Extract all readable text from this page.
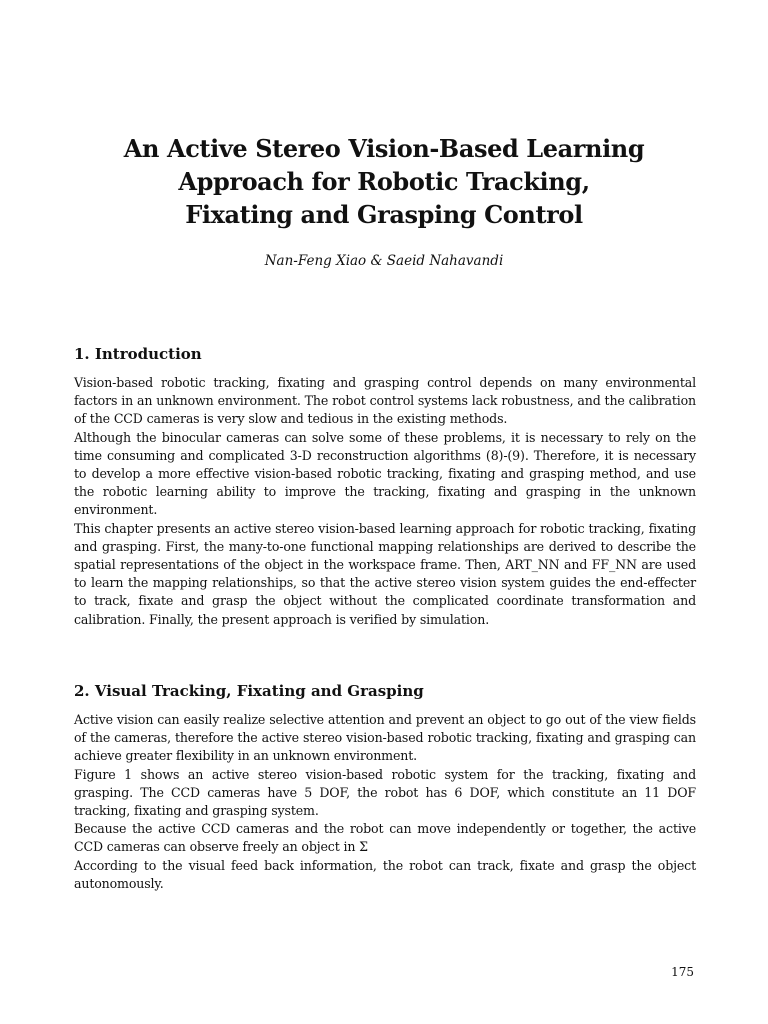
An Active Stereo Vision-Based Learning
Approach for Robotic Tracking,
Fixating and Grasping Control
Nan-Feng Xiao & Saeid Nahavandi
1. Introduction

Vision-based robotic tracking, fixating and grasping control depends on many environmental factors in an unknown environment. The robot control systems lack robustness, and the calibration of the CCD cameras is very slow and tedious in the existing methods.

Although the binocular cameras can solve some of these problems, it is necessary to rely on the time consuming and complicated 3-D reconstruction algorithms (8)-(9). Therefore, it is necessary to develop a more effective vision-based robotic tracking, fixating and grasping method, and use the robotic learning ability to improve the tracking, fixating and grasping in the unknown environment.

This chapter presents an active stereo vision-based learning approach for robotic tracking, fixating and grasping. First, the many-to-one functional mapping relationships are derived to describe the spatial representations of the object in the workspace frame. Then, ART_NN and FF_NN are used to learn the mapping relationships, so that the active stereo vision system guides the end-effecter to track, fixate and grasp the object without the complicated coordinate transformation and calibration. Finally, the present approach is verified by simulation.

2. Visual Tracking, Fixating and Grasping

Active vision can easily realize selective attention and prevent an object to go out of the view fields of the cameras, therefore the active stereo vision-based robotic tracking, fixating and grasping can achieve greater flexibility in an unknown environment.

Figure 1 shows an active stereo vision-based robotic system for the tracking, fixating and grasping. The CCD cameras have 5 DOF, the robot has 6 DOF, which constitute an 11 DOF tracking, fixating and grasping system.

Because the active CCD cameras and the robot can move independently or together, the active CCD cameras can observe freely an object in Σ

According to the visual feed back information, the robot can track, fixate and grasp the object autonomously.

175
